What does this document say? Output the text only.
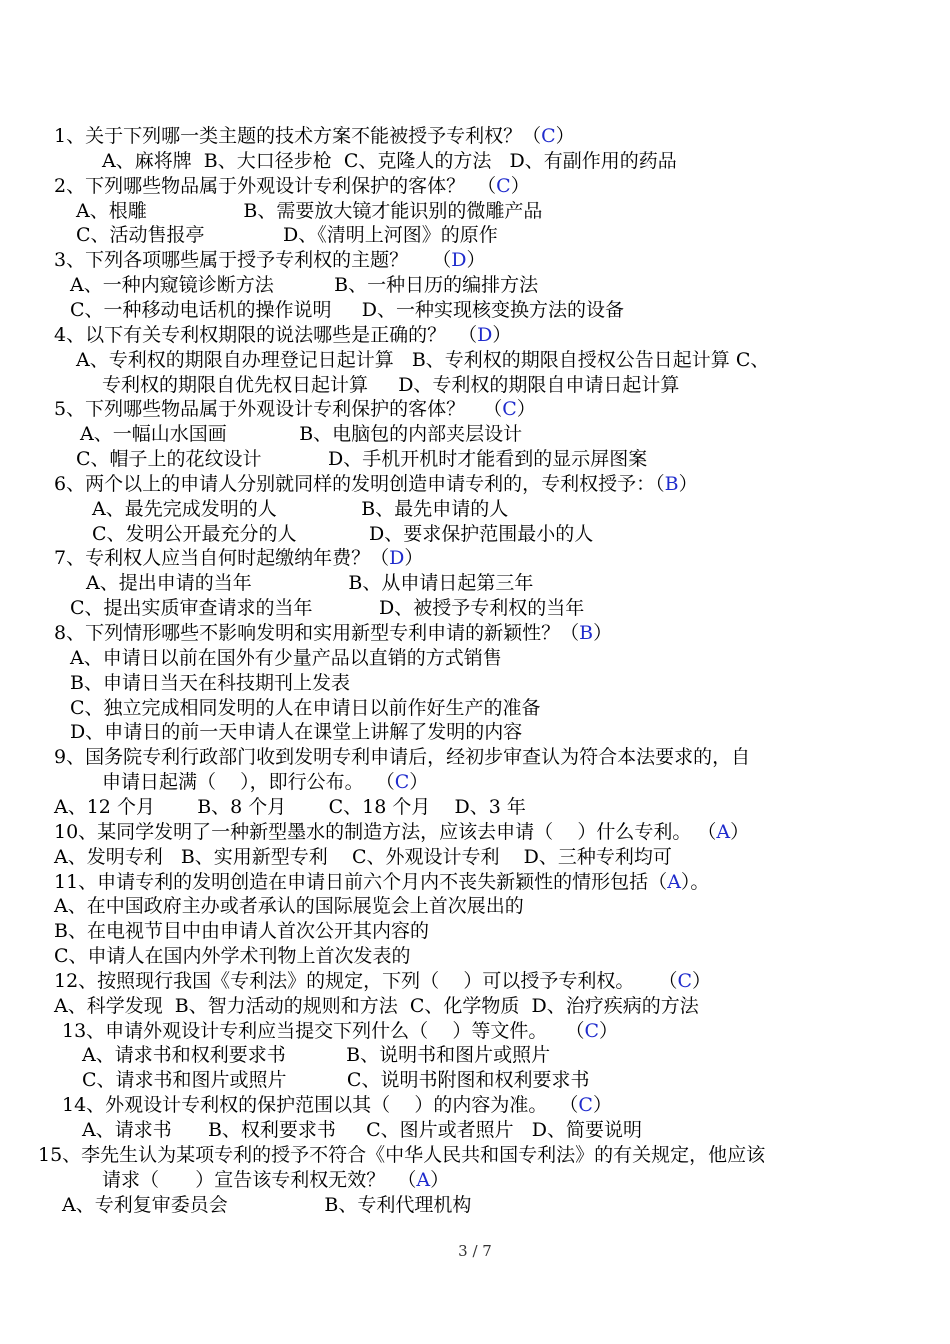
1、关于下列哪一类主题的技术方案不能被授予专利权？（C）
A、麻将牌  B、大口径步枪  C、克隆人的方法   D、有副作用的药品
2、下列哪些物品属于外观设计专利保护的客体？  （C）
A、根雕                B、需要放大镜才能识别的微雕产品
C、活动售报亭             D、《清明上河图》的原作
3、下列各项哪些属于授予专利权的主题？    （D）
A、一种内窥镜诊断方法          B、一种日历的编排方法
C、一种移动电话机的操作说明     D、一种实现核变换方法的设备
4、以下有关专利权期限的说法哪些是正确的？  （D）
A、专利权的期限自办理登记日起计算   B、专利权的期限自授权公告日起计算 C、
专利权的期限自优先权日起计算     D、专利权的期限自申请日起计算
5、下列哪些物品属于外观设计专利保护的客体？   （C）
A、一幅山水国画            B、电脑包的内部夹层设计
C、帽子上的花纹设计           D、手机开机时才能看到的显示屏图案
6、两个以上的申请人分别就同样的发明创造申请专利的，专利权授予：（B）
A、最先完成发明的人              B、最先申请的人
C、发明公开最充分的人            D、要求保护范围最小的人
7、专利权人应当自何时起缴纳年费？（D）
A、提出申请的当年                B、从申请日起第三年
C、提出实质审查请求的当年           D、被授予专利权的当年
8、下列情形哪些不影响发明和实用新型专利申请的新颖性？（B）
A、申请日以前在国外有少量产品以直销的方式销售
B、申请日当天在科技期刊上发表
C、独立完成相同发明的人在申请日以前作好生产的准备
D、申请日的前一天申请人在课堂上讲解了发明的内容
9、国务院专利行政部门收到发明专利申请后，经初步审查认为符合本法要求的，自
申请日起满（    ），即行公布。  （C）
A、12 个月       B、8 个月       C、18 个月    D、3 年
10、某同学发明了一种新型墨水的制造方法，应该去申请（    ）什么专利。 （A）
A、发明专利   B、实用新型专利    C、外观设计专利    D、三种专利均可
11、申请专利的发明创造在申请日前六个月内不丧失新颖性的情形包括（A）。
A、在中国政府主办或者承认的国际展览会上首次展出的
B、在电视节目中由申请人首次公开其内容的
C、申请人在国内外学术刊物上首次发表的
12、按照现行我国《专利法》的规定，下列（    ）可以授予专利权。    （C）
A、科学发现  B、智力活动的规则和方法  C、化学物质  D、治疗疾病的方法
13、申请外观设计专利应当提交下列什么（    ）等文件。   （C）
A、请求书和权利要求书          B、说明书和图片或照片
C、请求书和图片或照片          C、说明书附图和权利要求书
14、外观设计专利权的保护范围以其（    ）的内容为准。  （C）
A、请求书      B、权利要求书     C、图片或者照片   D、简要说明
15、李先生认为某项专利的授予不符合《中华人民共和国专利法》的有关规定，他应该
请求（      ）宣告该专利权无效？  （A）
A、专利复审委员会                B、专利代理机构
3 / 7
